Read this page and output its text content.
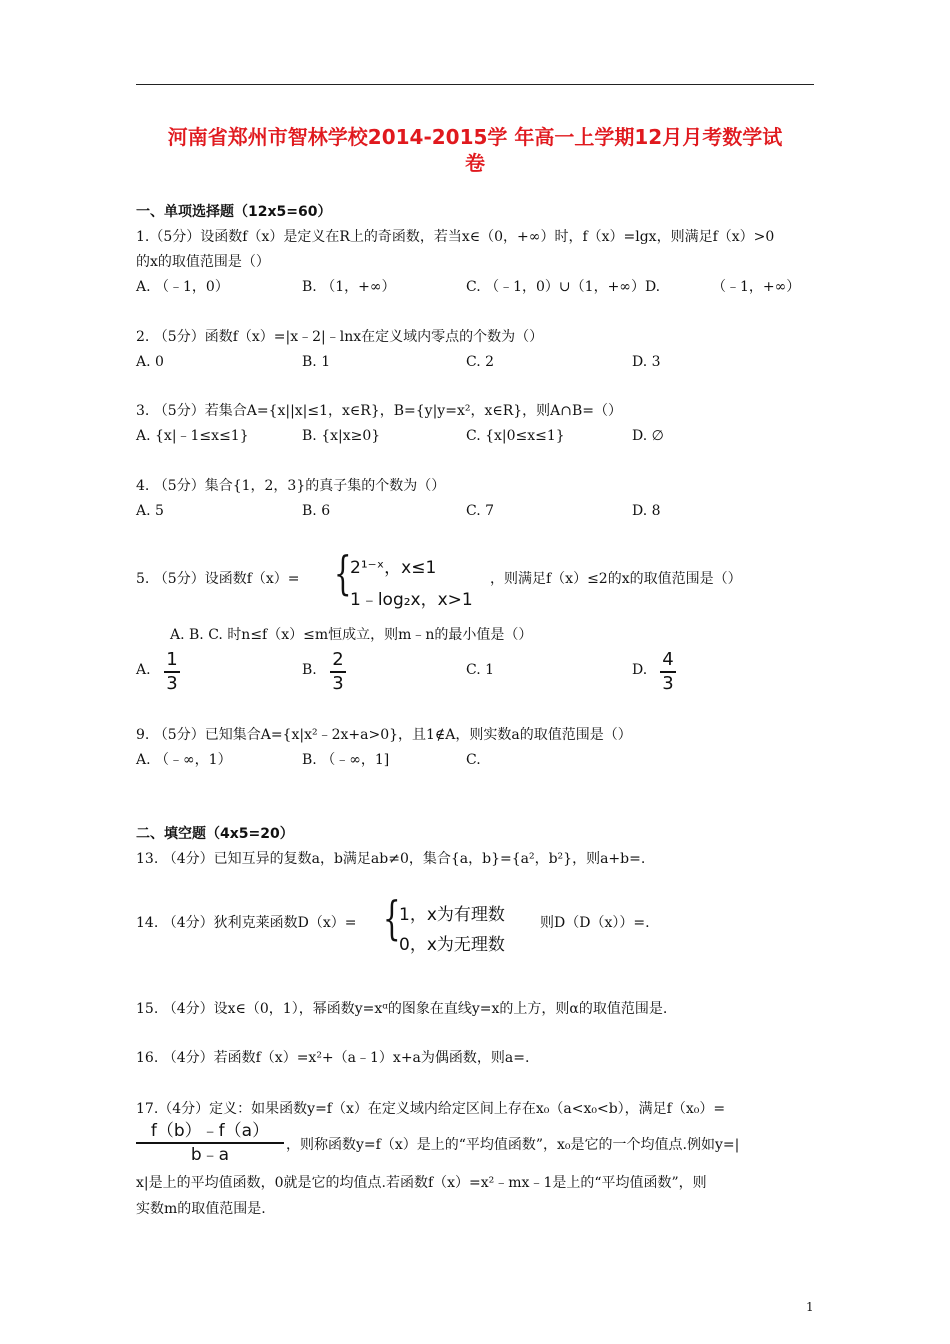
河南省郑州市智林学校2014-2015学 年高一上学期12月月考数学试
卷
一、单项选择题（12x5=60）
1.（5分）设函数f（x）是定义在R上的奇函数，若当x∈（0，+∞）时，f（x）=lgx，则满足f（x）>0
的x的取值范围是（）
A. （﹣1，0）	B. （1，+∞）	C. （﹣1，0）∪（1，+∞）D.	（﹣1，+∞）
2. （5分）函数f（x）=|x﹣2|﹣lnx在定义域内零点的个数为（）
A. 0	B. 1	C. 2	D. 3
3. （5分）若集合A={x||x|≤1，x∈R}，B={y|y=x²，x∈R}，则A∩B=（）
A. {x|﹣1≤x≤1}	B. {x|x≥0}	C. {x|0≤x≤1}	D. ∅
4. （5分）集合{1，2，3}的真子集的个数为（）
A. 5	B. 6	C. 7	D. 8
5. （5分）设函数f（x）= {
2¹⁻ˣ，x≤1
1﹣log₂x，x>1
，则满足f（x）≤2的x的取值范围是（）
A. B. C. 时n≤f（x）≤m恒成立，则m﹣n的最小值是（）
A. 1
3
B. 2
3
C. 1	D. 4
3
9. （5分）已知集合A={x|x²﹣2x+a>0}，且1∉A，则实数a的取值范围是（）
A. （﹣∞，1）	B. （﹣∞，1]	C.
二、填空题（4x5=20）
13. （4分）已知互异的复数a，b满足ab≠0，集合{a，b}={a²，b²}，则a+b=.
14. （4分）狄利克莱函数D（x）= {
1，x为有理数
0，x为无理数
则D（D（x））=.
15. （4分）设x∈（0，1），幂函数y=xᵅ的图象在直线y=x的上方，则α的取值范围是.
16. （4分）若函数f（x）=x²+（a﹣1）x+a为偶函数，则a=.
17.（4分）定义：如果函数y=f（x）在定义域内给定区间上存在x₀（a<x₀<b），满足f（x₀）=
f（b）﹣f（a）
b﹣a	，则称函数y=f（x）是上的“平均值函数”，x₀是它的一个均值点.例如y=|
x|是上的平均值函数，0就是它的均值点.若函数f（x）=x²﹣mx﹣1是上的“平均值函数”，则
实数m的取值范围是.
1
